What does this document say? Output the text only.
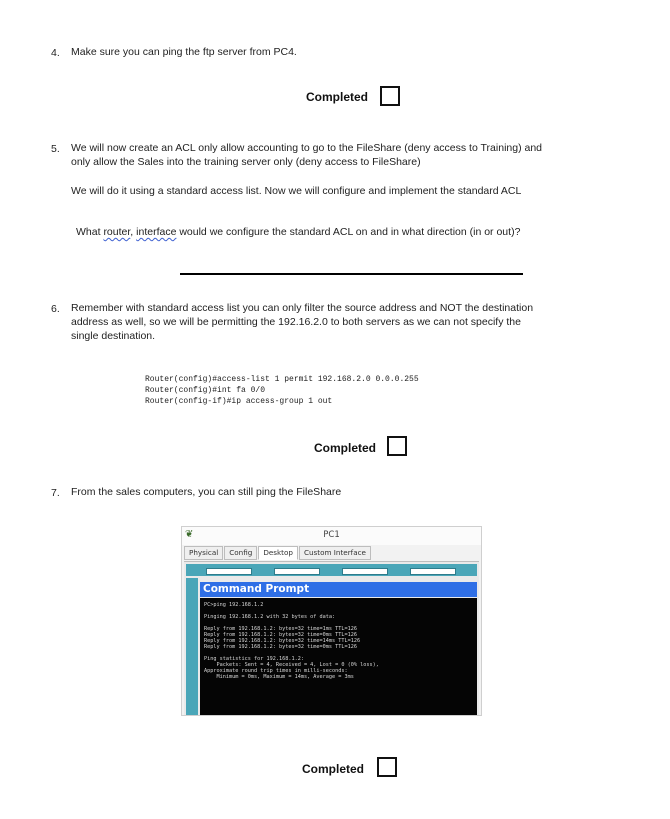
4. Make sure you can ping the ftp server from PC4.
Completed
5. We will now create an ACL only allow accounting to go to the FileShare (deny access to Training) and
only allow the Sales into the training server only (deny access to FileShare)
We will do it using a standard access list. Now we will configure and implement the standard ACL
What router, interface would we configure the standard ACL on and in what direction (in or out)?
6. Remember with standard access list you can only filter the source address and NOT the destination
address as well, so we will be permitting the 192.16.2.0 to both servers as we can not specify the
single destination.
Router(config)#access-list 1 permit 192.168.2.0 0.0.0.255
Router(config)#int fa 0/0
Router(config-if)#ip access-group 1 out
Completed
7. From the sales computers, you can still ping the FileShare
❦	PC1
Physical	Config	Desktop	Custom Interface
Command Prompt
PC>ping 192.168.1.2
Pinging 192.168.1.2 with 32 bytes of data:
Reply from 192.168.1.2: bytes=32 time=1ms TTL=126
Reply from 192.168.1.2: bytes=32 time=0ms TTL=126
Reply from 192.168.1.2: bytes=32 time=14ms TTL=126
Reply from 192.168.1.2: bytes=32 time=0ms TTL=126
Ping statistics for 192.168.1.2:
Packets: Sent = 4, Received = 4, Lost = 0 (0% loss),
Approximate round trip times in milli-seconds:
Minimum = 0ms, Maximum = 14ms, Average = 3ms
Completed
